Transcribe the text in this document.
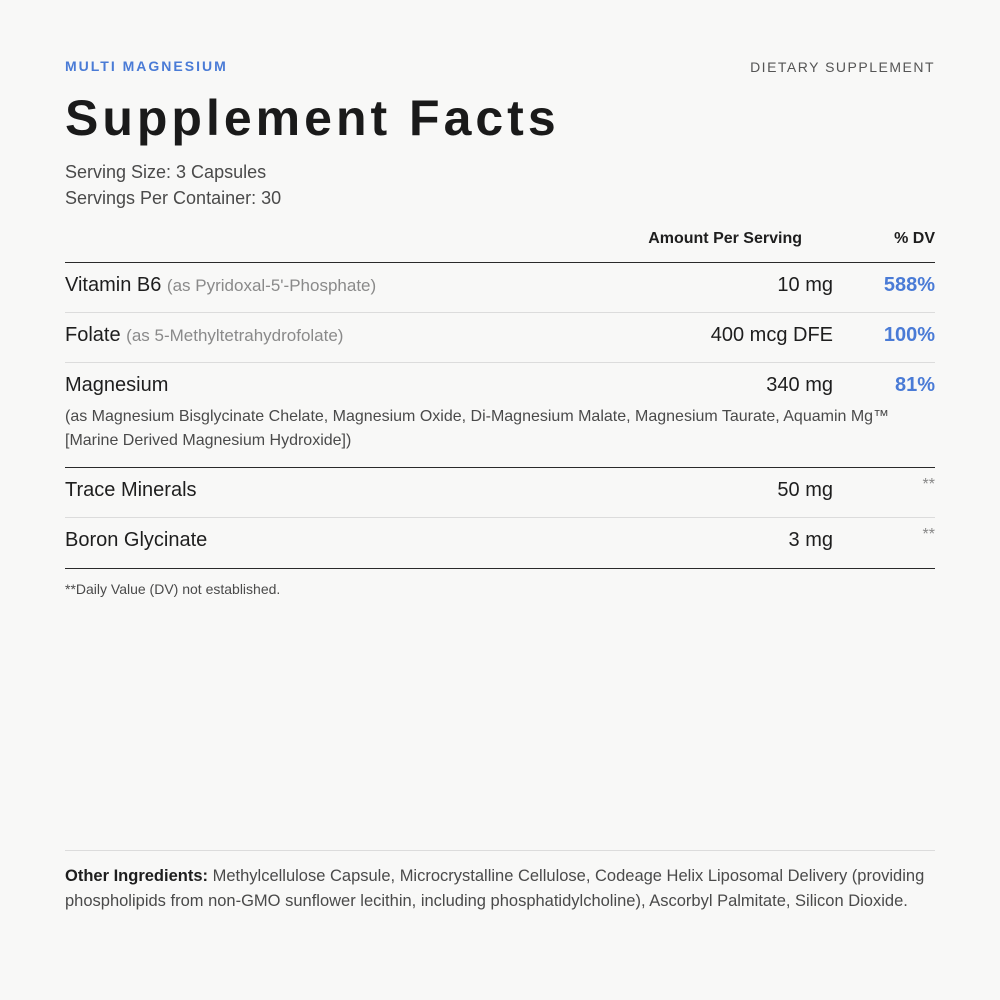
MULTI MAGNESIUM	DIETARY SUPPLEMENT
Supplement Facts
Serving Size: 3 Capsules
Servings Per Container: 30
Amount Per Serving	% DV
Vitamin B6 (as Pyridoxal-5'-Phosphate)	10 mg	588%
Folate (as 5-Methyltetrahydrofolate)	400 mcg DFE	100%
Magnesium	340 mg	81%
(as Magnesium Bisglycinate Chelate, Magnesium Oxide, Di-Magnesium Malate, Magnesium Taurate, Aquamin Mg™ [Marine Derived Magnesium Hydroxide])
Trace Minerals	50 mg	**
Boron Glycinate	3 mg	**
**Daily Value (DV) not established.
Other Ingredients: Methylcellulose Capsule, Microcrystalline Cellulose, Codeage Helix Liposomal Delivery (providing phospholipids from non-GMO sunflower lecithin, including phosphatidylcholine), Ascorbyl Palmitate, Silicon Dioxide.
